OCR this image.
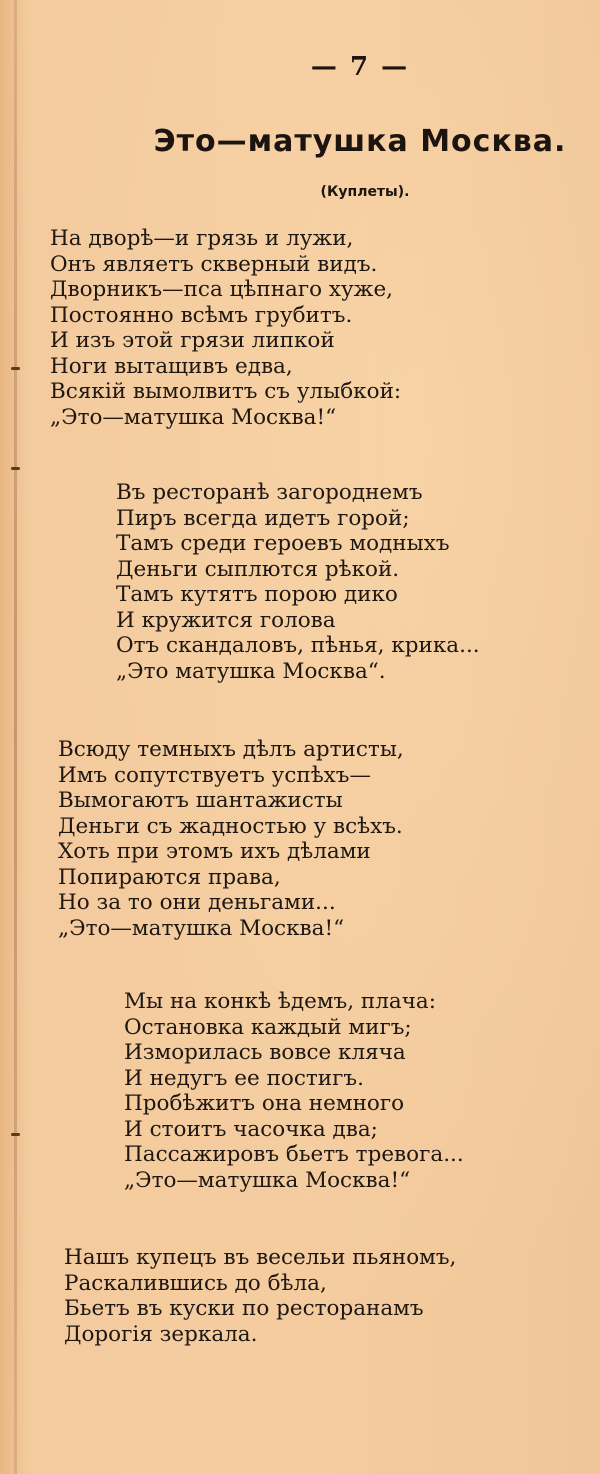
— 7 —
Это—матушка Москва.
(Куплеты).
На дворѣ—и грязь и лужи,
Онъ являетъ скверный видъ.
Дворникъ—пса цѣпнаго хуже,
Постоянно всѣмъ грубитъ.
И изъ этой грязи липкой
Ноги вытащивъ едва,
Всякій вымолвитъ съ улыбкой:
„Это—матушка Москва!“
Въ ресторанѣ загороднемъ
Пиръ всегда идетъ горой;
Тамъ среди героевъ модныхъ
Деньги сыплются рѣкой.
Тамъ кутятъ порою дико
И кружится голова
Отъ скандаловъ, пѣнья, крика...
„Это матушка Москва“.
Всюду темныхъ дѣлъ артисты,
Имъ сопутствуетъ успѣхъ—
Вымогаютъ шантажисты
Деньги съ жадностью у всѣхъ.
Хоть при этомъ ихъ дѣлами
Попираются права,
Но за то они деньгами...
„Это—матушка Москва!“
Мы на конкѣ ѣдемъ, плача:
Остановка каждый мигъ;
Изморилась вовсе кляча
И недугъ ее постигъ.
Пробѣжитъ она немного
И стоитъ часочка два;
Пассажировъ бьетъ тревога...
„Это—матушка Москва!“
Нашъ купецъ въ весельи пьяномъ,
Раскалившись до бѣла,
Бьетъ въ куски по ресторанамъ
Дорогія зеркала.
